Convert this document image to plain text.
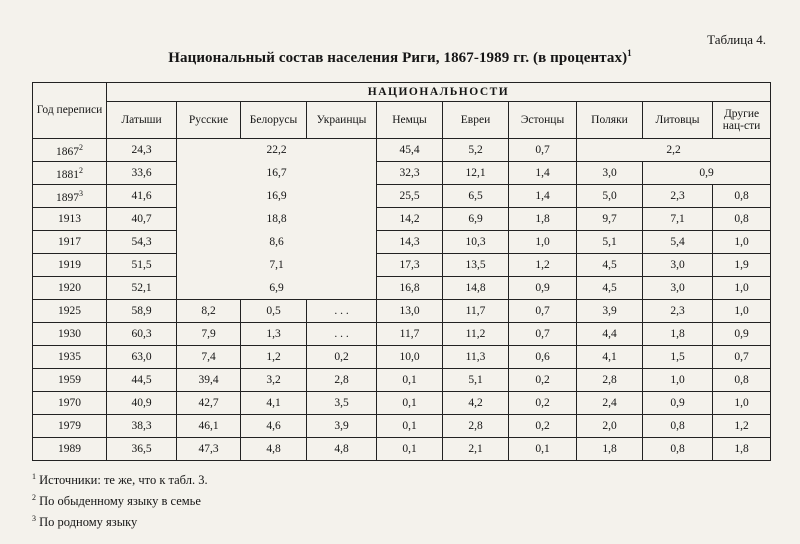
Таблица 4.
Национальный состав населения Риги, 1867-1989 гг. (в процентах)$^1$
Год переписи	НАЦИОНАЛЬНОСТИ									
	Латыши	Русские	Белорусы	Украинцы	Немцы	Евреи	Эстонцы	Поляки	Литовцы	Другие нац-сти
1867$^2$	24,3	22,2			45,4	5,2	0,7	2,2		
1881$^2$	33,6	16,7			32,3	12,1	1,4	3,0	0,9	
1897$^3$	41,6	16,9			25,5	6,5	1,4	5,0	2,3	0,8
1913	40,7	18,8			14,2	6,9	1,8	9,7	7,1	0,8
1917	54,3	8,6			14,3	10,3	1,0	5,1	5,4	1,0
1919	51,5	7,1			17,3	13,5	1,2	4,5	3,0	1,9
1920	52,1	6,9			16,8	14,8	0,9	4,5	3,0	1,0
1925	58,9	8,2	0,5	. . .	13,0	11,7	0,7	3,9	2,3	1,0
1930	60,3	7,9	1,3	. . .	11,7	11,2	0,7	4,4	1,8	0,9
1935	63,0	7,4	1,2	0,2	10,0	11,3	0,6	4,1	1,5	0,7
1959	44,5	39,4	3,2	2,8	0,1	5,1	0,2	2,8	1,0	0,8
1970	40,9	42,7	4,1	3,5	0,1	4,2	0,2	2,4	0,9	1,0
1979	38,3	46,1	4,6	3,9	0,1	2,8	0,2	2,0	0,8	1,2
1989	36,5	47,3	4,8	4,8	0,1	2,1	0,1	1,8	0,8	1,8
$^1$ Источники: те же, что к табл. 3.
$^2$ По обыденному языку в семье
$^3$ По родному языку
